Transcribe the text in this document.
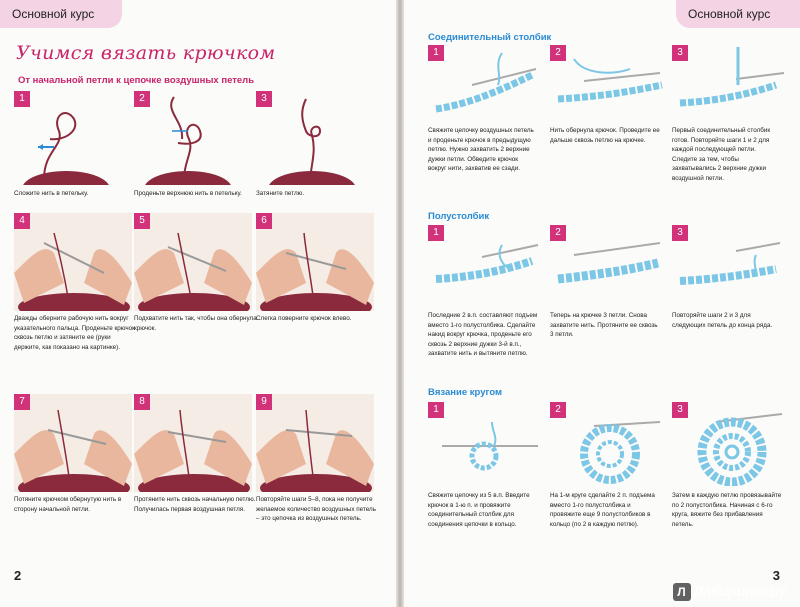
Основной курс
Учимся вязать крючком
От начальной петли к цепочке воздушных петель
1
Сложите нить в петельку.
2
Проденьте верхнюю нить в петельку.
3
Затяните петлю.
4
Дважды оберните рабочую нить вокруг указательного пальца. Проденьте крючок сквозь петлю и затяните ее (руки держите, как показано на картинке).
5
Подхватите нить так, чтобы она обернула крючок.
6
Слегка поверните крючок влево.
7
Потяните крючком обернутую нить в сторону начальной петли.
8
Протяните нить сквозь начальную петлю. Получилась первая воздушная петля.
9
Повторяйте шаги 5–8, пока не получите желаемое количество воздушных петель – это цепочка из воздушных петель.
2
Основной курс
Соединительный столбик
1
Свяжите цепочку воздушных петель и проденьте крючок в предыдущую петлю. Нужно захватить 2 верхние дужки петли. Обведите крючок вокруг нити, захватив ее сзади.
2
Нить обернула крючок. Проведите ее дальше сквозь петлю на крючке.
3
Первый соединительный столбик готов. Повторяйте шаги 1 и 2 для каждой последующей петли. Следите за тем, чтобы захватывались 2 верхние дужки воздушной петли.
Полустолбик
1
Последние 2 в.п. составляют подъем вместо 1-го полустолбика. Сделайте накид вокруг крючка, проденьте его сквозь 2 верхние дужки 3-й в.п., захватите нить и вытяните петлю.
2
Теперь на крючке 3 петли. Снова захватите нить. Протяните ее сквозь 3 петли.
3
Повторяйте шаги 2 и 3 для следующих петель до конца ряда.
Вязание кругом
1
Свяжите цепочку из 5 в.п. Введите крючок в 1-ю п. и провяжите соединительный столбик для соединения цепочки в кольцо.
2
На 1-м круге сделайте 2 п. подъема вместо 1-го полустолбика и провяжите еще 9 полустолбиков в кольцо (по 2 в каждую петлю).
3
Затем в каждую петлю провязывайте по 2 полустолбика. Начиная с 6-го круга, вяжите без прибавления петель.
3
Л Лабиринт.ру
